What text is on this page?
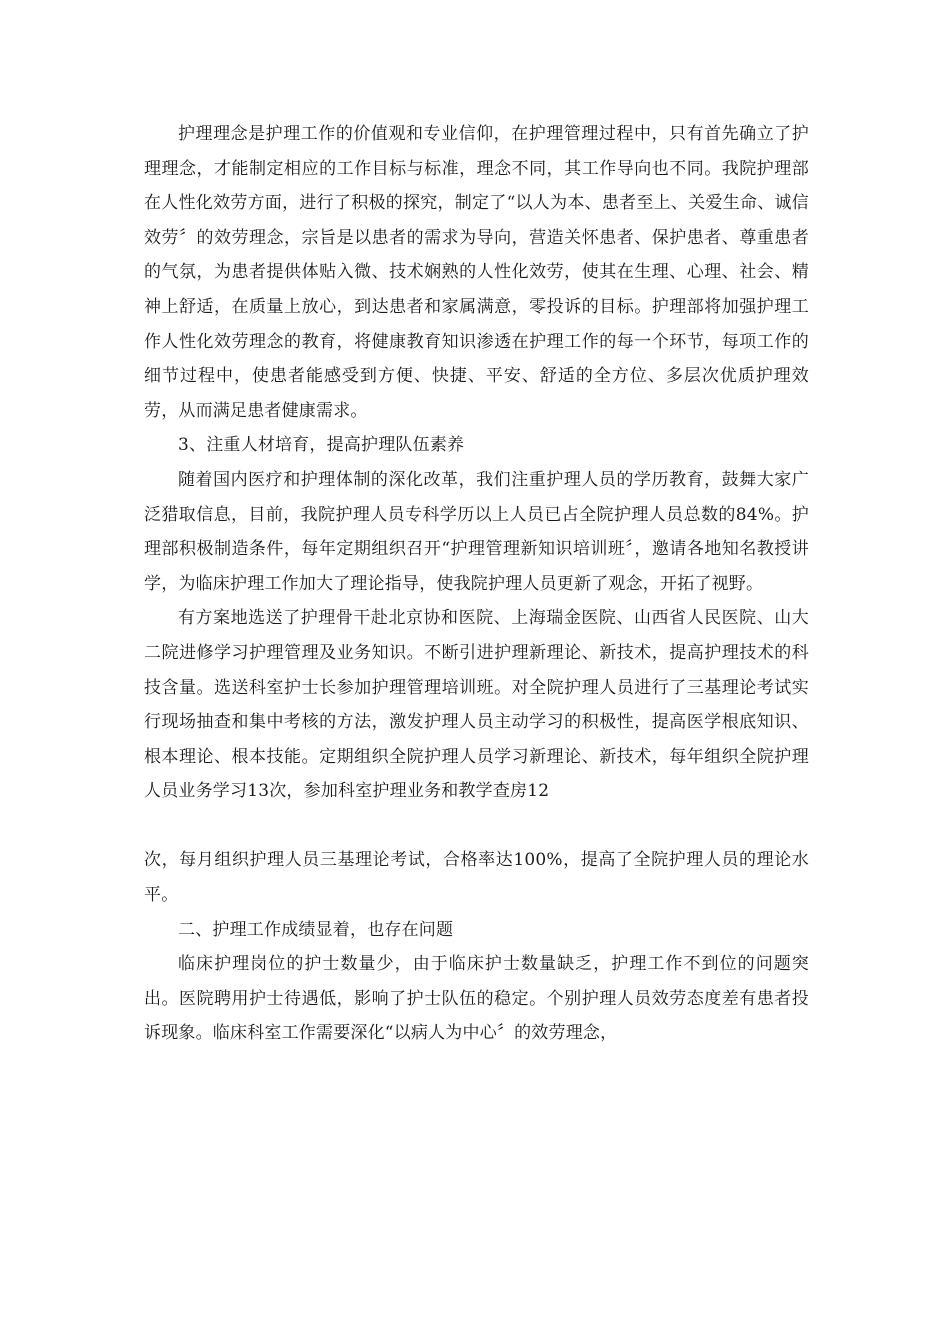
护理理念是护理工作的价值观和专业信仰，在护理管理过程中，只有首先确立了护理理念，才能制定相应的工作目标与标准，理念不同，其工作导向也不同。我院护理部在人性化效劳方面，进行了积极的探究，制定了“以人为本、患者至上、关爱生命、诚信效劳〞的效劳理念，宗旨是以患者的需求为导向，营造关怀患者、保护患者、尊重患者的气氛，为患者提供体贴入微、技术娴熟的人性化效劳，使其在生理、心理、社会、精神上舒适，在质量上放心，到达患者和家属满意，零投诉的目标。护理部将加强护理工作人性化效劳理念的教育，将健康教育知识渗透在护理工作的每一个环节，每项工作的细节过程中，使患者能感受到方便、快捷、平安、舒适的全方位、多层次优质护理效劳，从而满足患者健康需求。

3、注重人材培育，提高护理队伍素养

随着国内医疗和护理体制的深化改革，我们注重护理人员的学历教育，鼓舞大家广泛猎取信息，目前，我院护理人员专科学历以上人员已占全院护理人员总数的84%。护理部积极制造条件，每年定期组织召开“护理管理新知识培训班〞，邀请各地知名教授讲学，为临床护理工作加大了理论指导，使我院护理人员更新了观念，开拓了视野。

有方案地选送了护理骨干赴北京协和医院、上海瑞金医院、山西省人民医院、山大二院进修学习护理管理及业务知识。不断引进护理新理论、新技术，提高护理技术的科技含量。选送科室护士长参加护理管理培训班。对全院护理人员进行了三基理论考试实行现场抽查和集中考核的方法，激发护理人员主动学习的积极性，提高医学根底知识、根本理论、根本技能。定期组织全院护理人员学习新理论、新技术，每年组织全院护理人员业务学习13次，参加科室护理业务和教学查房12

次，每月组织护理人员三基理论考试，合格率达100%，提高了全院护理人员的理论水平。

二、护理工作成绩显着，也存在问题

临床护理岗位的护士数量少，由于临床护士数量缺乏，护理工作不到位的问题突出。医院聘用护士待遇低，影响了护士队伍的稳定。个别护理人员效劳态度差有患者投诉现象。临床科室工作需要深化“以病人为中心〞的效劳理念，
